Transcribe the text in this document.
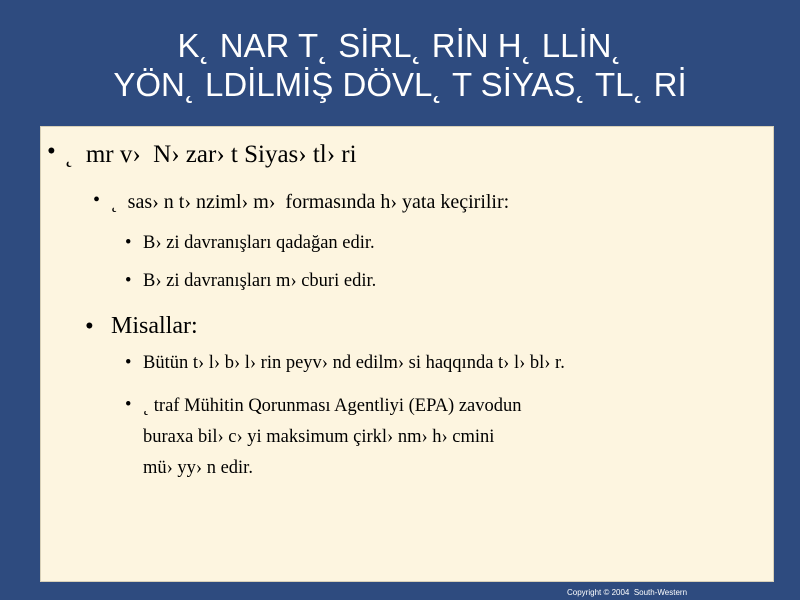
K˛ NAR T˛ SİRL˛ RİN H˛ LLİN˛
YÖN˛ LDİLMİŞ DÖVL˛ T SİYAS˛ TL˛ Rİ
• ˛  mr v›  N› zar› t Siyas› tl› ri
• ˛  sas› n t› nziml› m›  formasında h› yata keçirilir:
• B› zi davranışları qadağan edir.
• B› zi davranışları m› cburi edir.
• Misallar:
• Bütün t› l› b› l› rin peyv› nd edilm› si haqqında t› l› bl› r.
• ˛ traf Mühitin Qorunması Agentliyi (EPA) zavodun
buraxa bil› c› yi maksimum çirkl› nm› h› cmini
mü› yy› n edir.
Copyright © 2004  South-Western
